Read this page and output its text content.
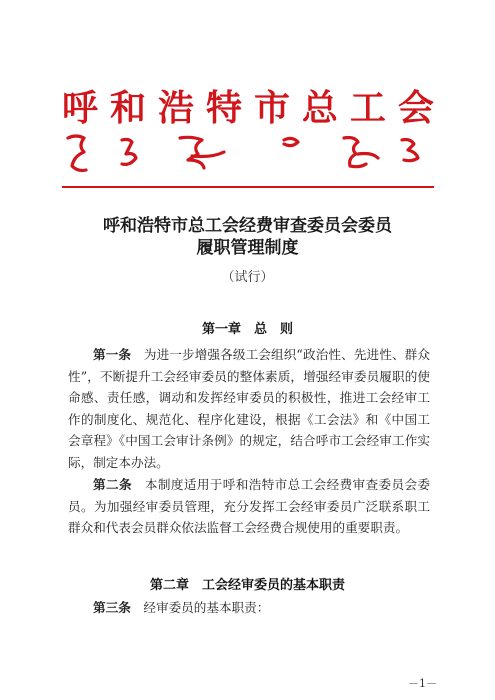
呼 和 浩 特 市 总 工 会
呼和浩特市总工会经费审查委员会委员
履职管理制度
（试行）
第一章　总　则
第一条　 为进一步增强各级工会组织“政治性、先进性、群众性”，不断提升工会经审委员的整体素质，增强经审委员履职的使命感、责任感，调动和发挥经审委员的积极性，推进工会经审工作的制度化、规范化、程序化建设，根据《工会法》和《中国工会章程》《中国工会审计条例》的规定，结合呼市工会经审工作实际，制定本办法。
第二条　 本制度适用于呼和浩特市总工会经费审查委员会委员。为加强经审委员管理，充分发挥工会经审委员广泛联系职工群众和代表会员群众依法监督工会经费合规使用的重要职责。
第二章　工会经审委员的基本职责
第三条　 经审委员的基本职责：
－1－
